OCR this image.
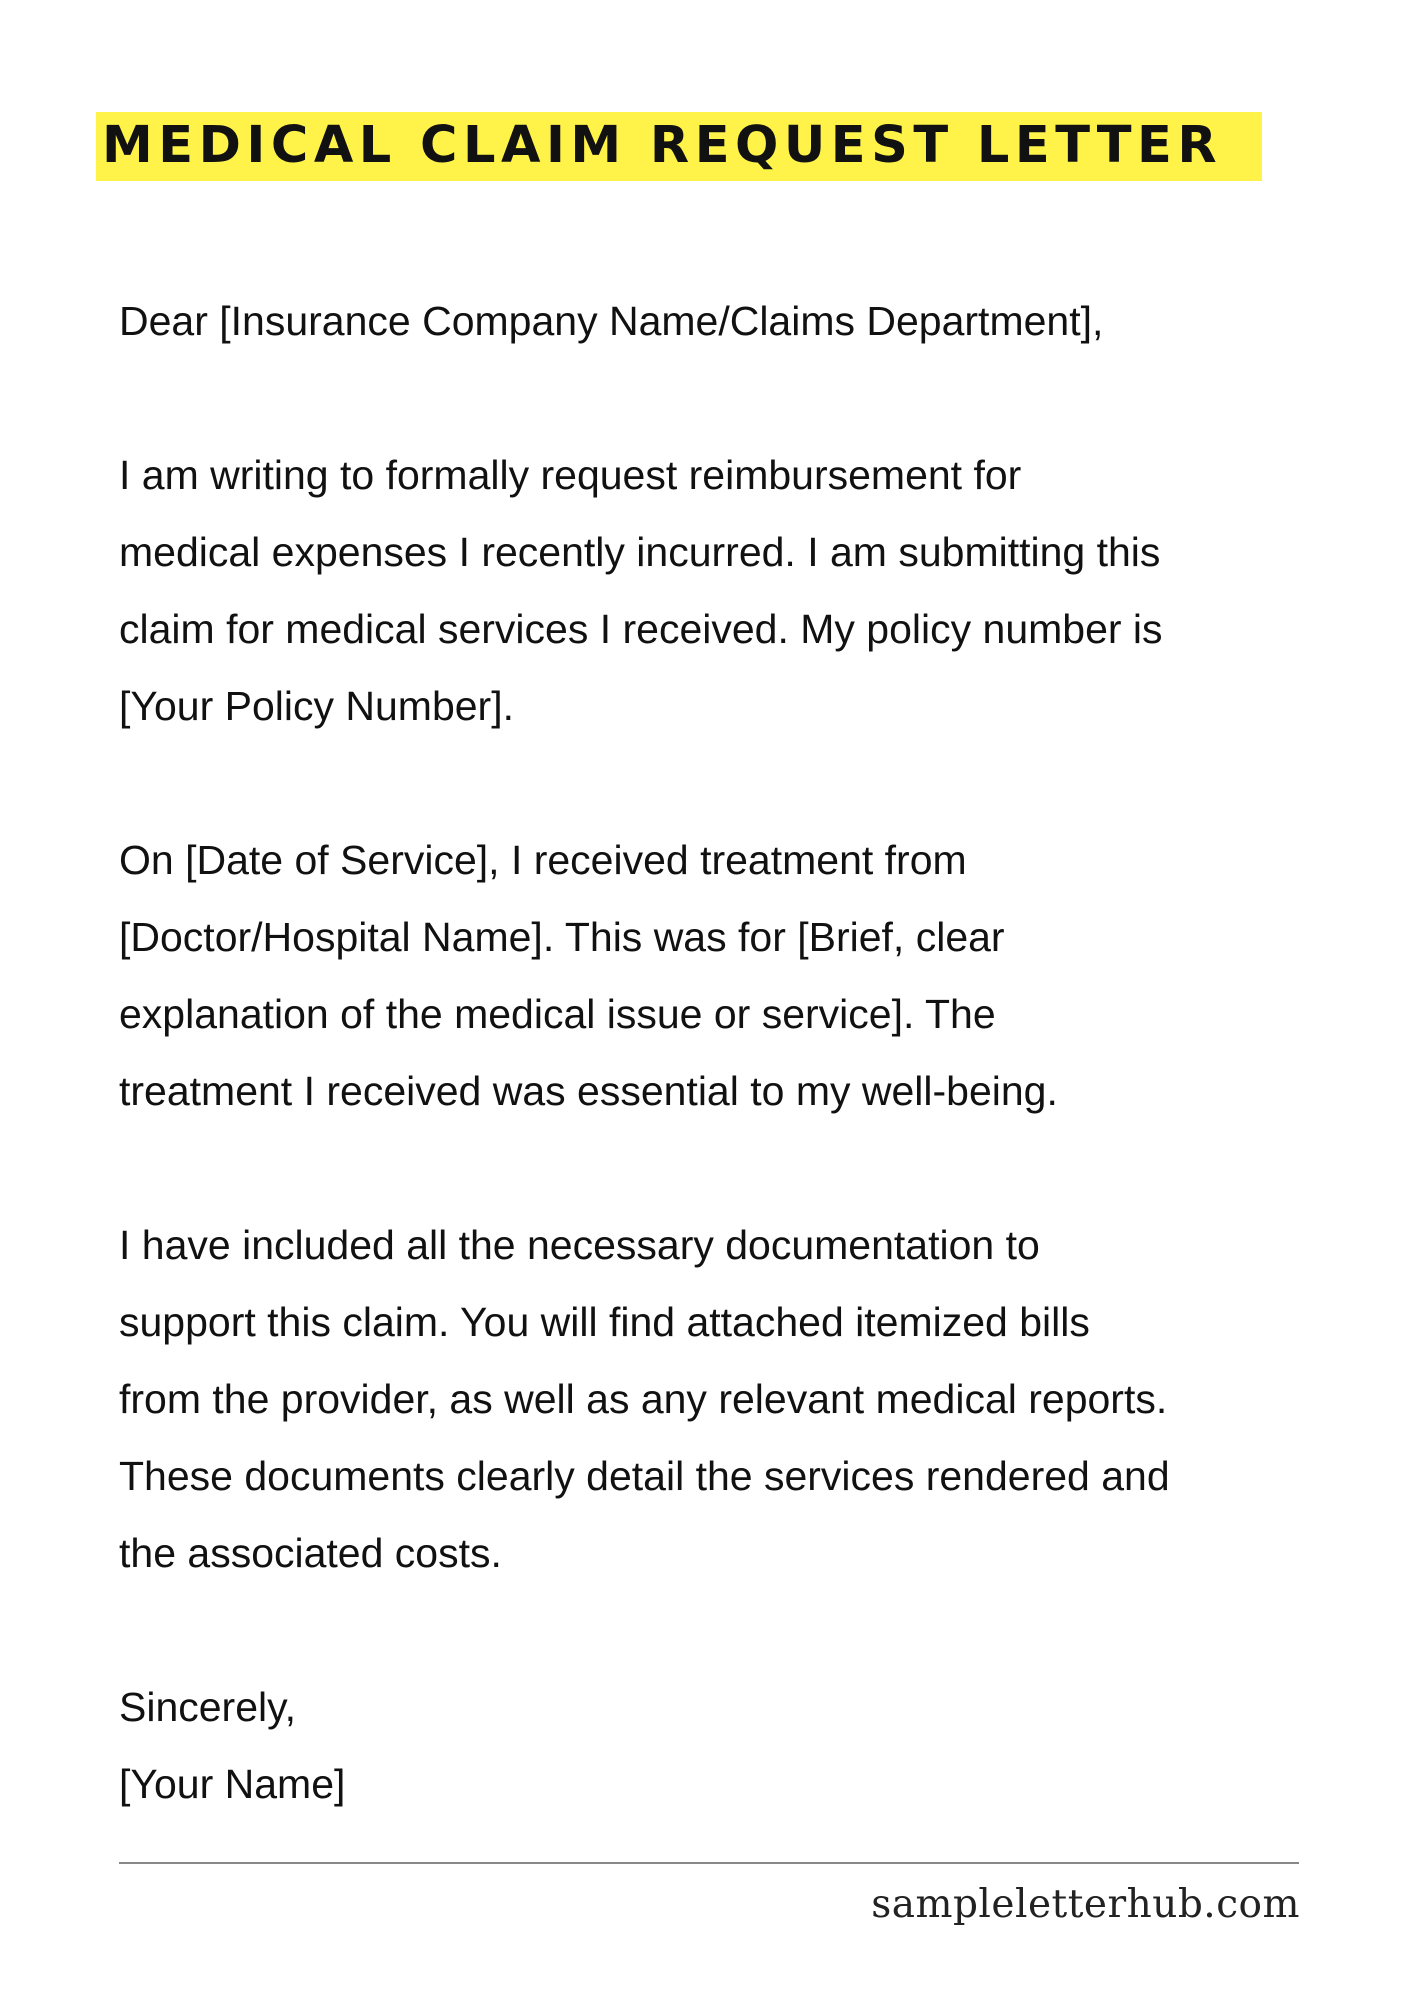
MEDICAL CLAIM REQUEST LETTER
Dear [Insurance Company Name/Claims Department],
I am writing to formally request reimbursement for
medical expenses I recently incurred. I am submitting this
claim for medical services I received. My policy number is
[Your Policy Number].
On [Date of Service], I received treatment from
[Doctor/Hospital Name]. This was for [Brief, clear
explanation of the medical issue or service]. The
treatment I received was essential to my well-being.
I have included all the necessary documentation to
support this claim. You will find attached itemized bills
from the provider, as well as any relevant medical reports.
These documents clearly detail the services rendered and
the associated costs.
Sincerely,
[Your Name]
sampleletterhub.com
